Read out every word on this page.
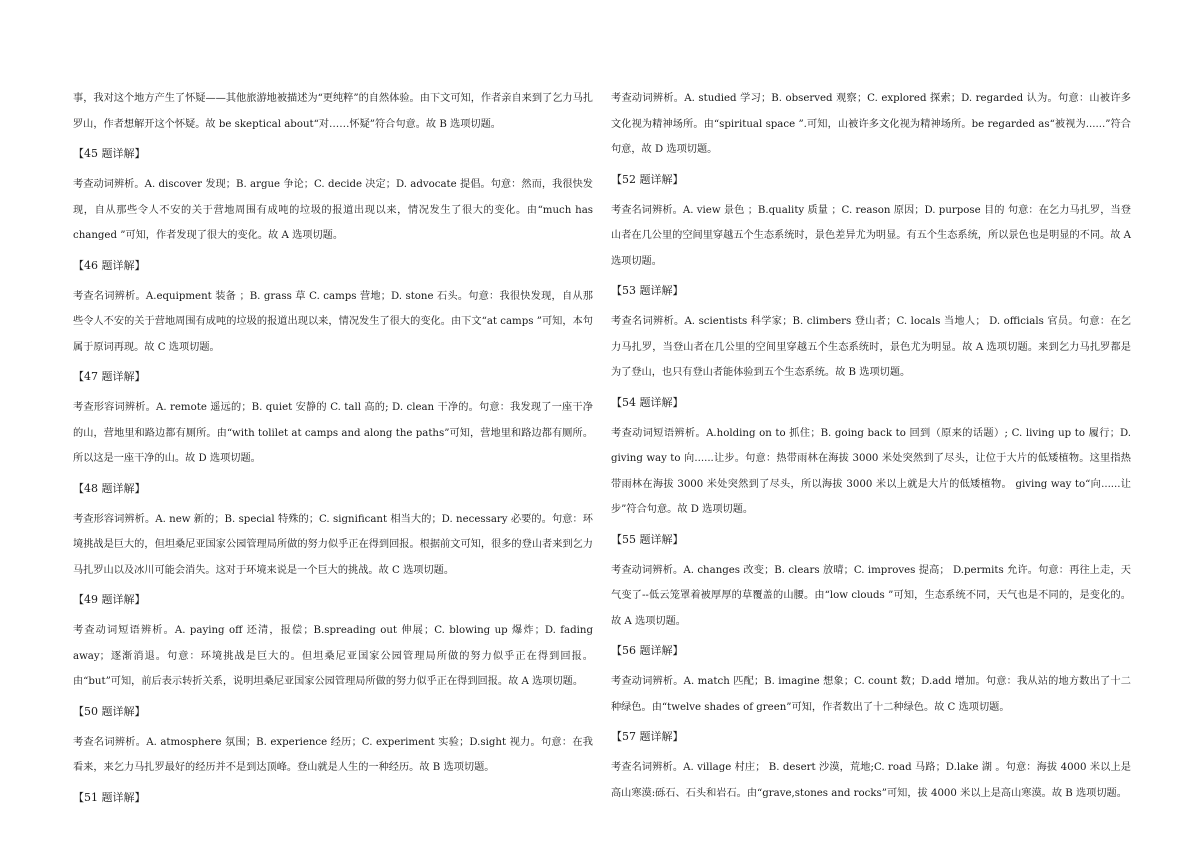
事，我对这个地方产生了怀疑——其他旅游地被描述为“更纯粹”的自然体验。由下文可知，作者亲自来到了乞力马扎罗山，作者想解开这个怀疑。故 be skeptical about“对……怀疑”符合句意。故 B 选项切题。

【45 题详解】

考查动词辨析。A. discover 发现；B. argue 争论；C. decide 决定；D. advocate 提倡。句意：然而，我很快发现，自从那些令人不安的关于营地周围有成吨的垃圾的报道出现以来，情况发生了很大的变化。由“much has changed ”可知，作者发现了很大的变化。故 A 选项切题。

【46 题详解】

考查名词辨析。A.equipment 装备 ；B. grass 草 C. camps 营地；D. stone 石头。句意：我很快发现，自从那些令人不安的关于营地周围有成吨的垃圾的报道出现以来，情况发生了很大的变化。由下文“at camps ”可知，本句属于原词再现。故 C 选项切题。

【47 题详解】

考查形容词辨析。A. remote 遥远的；B. quiet 安静的 C. tall 高的; D. clean 干净的。句意：我发现了一座干净的山，营地里和路边都有厕所。由“with tolilet at camps and along the paths”可知，营地里和路边都有厕所。所以这是一座干净的山。故 D 选项切题。

【48 题详解】

考查形容词辨析。A. new 新的；B. special 特殊的；C. significant 相当大的；D. necessary 必要的。句意：环境挑战是巨大的，但坦桑尼亚国家公园管理局所做的努力似乎正在得到回报。根据前文可知，很多的登山者来到乞力马扎罗山以及冰川可能会消失。这对于环境来说是一个巨大的挑战。故 C 选项切题。

【49 题详解】

考查动词短语辨析。A. paying off 还清，报偿；B.spreading out 伸展；C. blowing up 爆炸；D. fading away；逐渐消退。句意：环境挑战是巨大的。但坦桑尼亚国家公园管理局所做的努力似乎正在得到回报。由“but”可知，前后表示转折关系，说明坦桑尼亚国家公园管理局所做的努力似乎正在得到回报。故 A 选项切题。

【50 题详解】

考查名词辨析。A. atmosphere 氛围；B. experience 经历；C. experiment 实验；D.sight 视力。句意：在我看来，来乞力马扎罗最好的经历并不是到达顶峰。登山就是人生的一种经历。故 B 选项切题。

【51 题详解】

考查动词辨析。A. studied 学习；B. observed 观察；C. explored 探索；D. regarded 认为。句意：山被许多文化视为精神场所。由“spiritual space ”.可知，山被许多文化视为精神场所。be regarded as“被视为......”符合句意，故 D 选项切题。

【52 题详解】

考查名词辨析。A. view 景色 ；B.quality 质量 ；C. reason 原因；D. purpose 目的 句意：在乞力马扎罗，当登山者在几公里的空间里穿越五个生态系统时，景色差异尤为明显。有五个生态系统，所以景色也是明显的不同。故 A 选项切题。

【53 题详解】

考查名词辨析。A. scientists 科学家；B. climbers 登山者；C. locals 当地人； D. officials 官员。句意：在乞力马扎罗，当登山者在几公里的空间里穿越五个生态系统时，景色尤为明显。故 A 选项切题。来到乞力马扎罗都是为了登山，也只有登山者能体验到五个生态系统。故 B 选项切题。

【54 题详解】

考查动词短语辨析。A.holding on to 抓住；B. going back to 回到（原来的话题）; C. living up to 履行；D. giving way to 向......让步。句意：热带雨林在海拔 3000 米处突然到了尽头，让位于大片的低矮植物。这里指热带雨林在海拔 3000 米处突然到了尽头，所以海拔 3000 米以上就是大片的低矮植物。 giving way to“向......让步”符合句意。故 D 选项切题。

【55 题详解】

考查动词辨析。A. changes 改变；B. clears 放晴；C. improves 提高； D.permits 允许。句意：再往上走，天气变了--低云笼罩着被厚厚的草覆盖的山腰。由“low clouds ”可知，生态系统不同，天气也是不同的，是变化的。故 A 选项切题。

【56 题详解】

考查动词辨析。A. match 匹配；B. imagine 想象；C. count 数；D.add 增加。句意：我从站的地方数出了十二种绿色。由“twelve shades of green”可知，作者数出了十二种绿色。故 C 选项切题。

【57 题详解】

考查名词辨析。A. village 村庄； B. desert 沙漠，荒地;C. road 马路；D.lake 湖 。句意：海拔 4000 米以上是高山寒漠:砾石、石头和岩石。由“grave,stones and rocks”可知，拔 4000 米以上是高山寒漠。故 B 选项切题。
